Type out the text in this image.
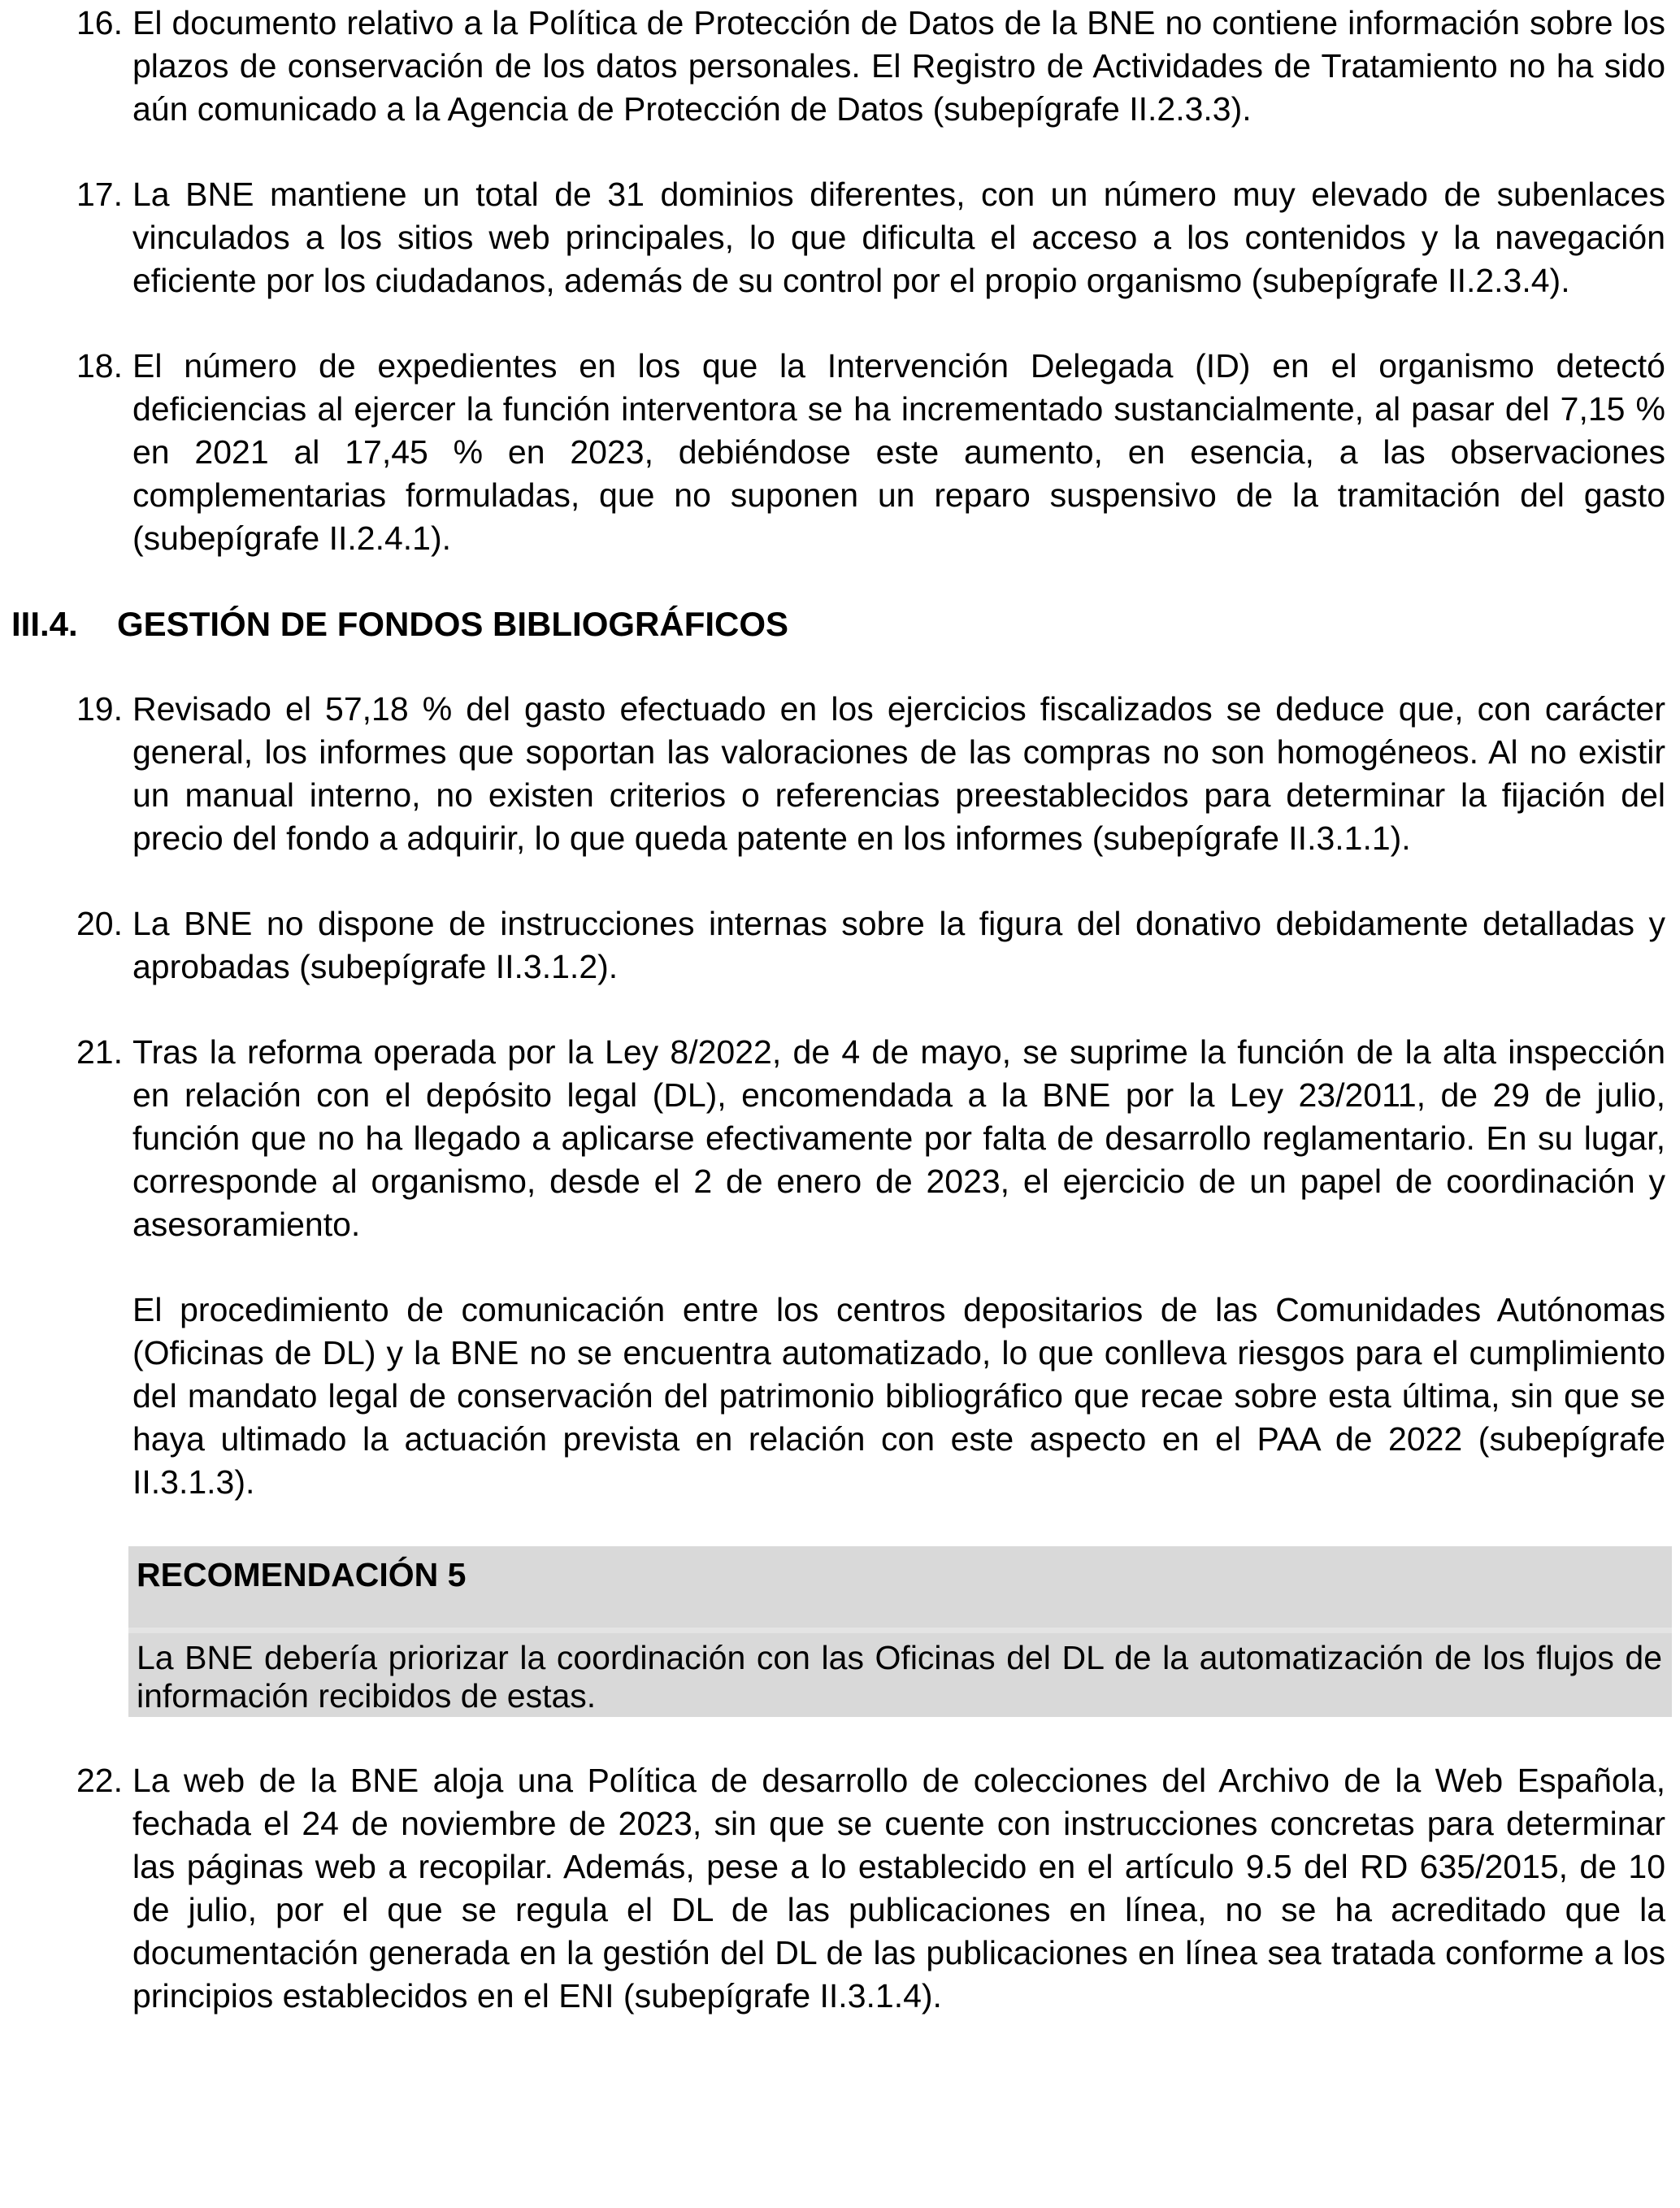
16. El documento relativo a la Política de Protección de Datos de la BNE no contiene información sobre los plazos de conservación de los datos personales. El Registro de Actividades de Tratamiento no ha sido aún comunicado a la Agencia de Protección de Datos (subepígrafe II.2.3.3).
17. La BNE mantiene un total de 31 dominios diferentes, con un número muy elevado de subenlaces vinculados a los sitios web principales, lo que dificulta el acceso a los contenidos y la navegación eficiente por los ciudadanos, además de su control por el propio organismo (subepígrafe II.2.3.4).
18. El número de expedientes en los que la Intervención Delegada (ID) en el organismo detectó deficiencias al ejercer la función interventora se ha incrementado sustancialmente, al pasar del 7,15 % en 2021 al 17,45 % en 2023, debiéndose este aumento, en esencia, a las observaciones complementarias formuladas, que no suponen un reparo suspensivo de la tramitación del gasto (subepígrafe II.2.4.1).
III.4.	GESTIÓN DE FONDOS BIBLIOGRÁFICOS
19. Revisado el 57,18 % del gasto efectuado en los ejercicios fiscalizados se deduce que, con carácter general, los informes que soportan las valoraciones de las compras no son homogéneos. Al no existir un manual interno, no existen criterios o referencias preestablecidos para determinar la fijación del precio del fondo a adquirir, lo que queda patente en los informes (subepígrafe II.3.1.1).
20. La BNE no dispone de instrucciones internas sobre la figura del donativo debidamente detalladas y aprobadas (subepígrafe II.3.1.2).
21. Tras la reforma operada por la Ley 8/2022, de 4 de mayo, se suprime la función de la alta inspección en relación con el depósito legal (DL), encomendada a la BNE por la Ley 23/2011, de 29 de julio, función que no ha llegado a aplicarse efectivamente por falta de desarrollo reglamentario. En su lugar, corresponde al organismo, desde el 2 de enero de 2023, el ejercicio de un papel de coordinación y asesoramiento.
El procedimiento de comunicación entre los centros depositarios de las Comunidades Autónomas (Oficinas de DL) y la BNE no se encuentra automatizado, lo que conlleva riesgos para el cumplimiento del mandato legal de conservación del patrimonio bibliográfico que recae sobre esta última, sin que se haya ultimado la actuación prevista en relación con este aspecto en el PAA de 2022 (subepígrafe II.3.1.3).
RECOMENDACIÓN 5
La BNE debería priorizar la coordinación con las Oficinas del DL de la automatización de los flujos de información recibidos de estas.
22. La web de la BNE aloja una Política de desarrollo de colecciones del Archivo de la Web Española, fechada el 24 de noviembre de 2023, sin que se cuente con instrucciones concretas para determinar las páginas web a recopilar. Además, pese a lo establecido en el artículo 9.5 del RD 635/2015, de 10 de julio, por el que se regula el DL de las publicaciones en línea, no se ha acreditado que la documentación generada en la gestión del DL de las publicaciones en línea sea tratada conforme a los principios establecidos en el ENI (subepígrafe II.3.1.4).
